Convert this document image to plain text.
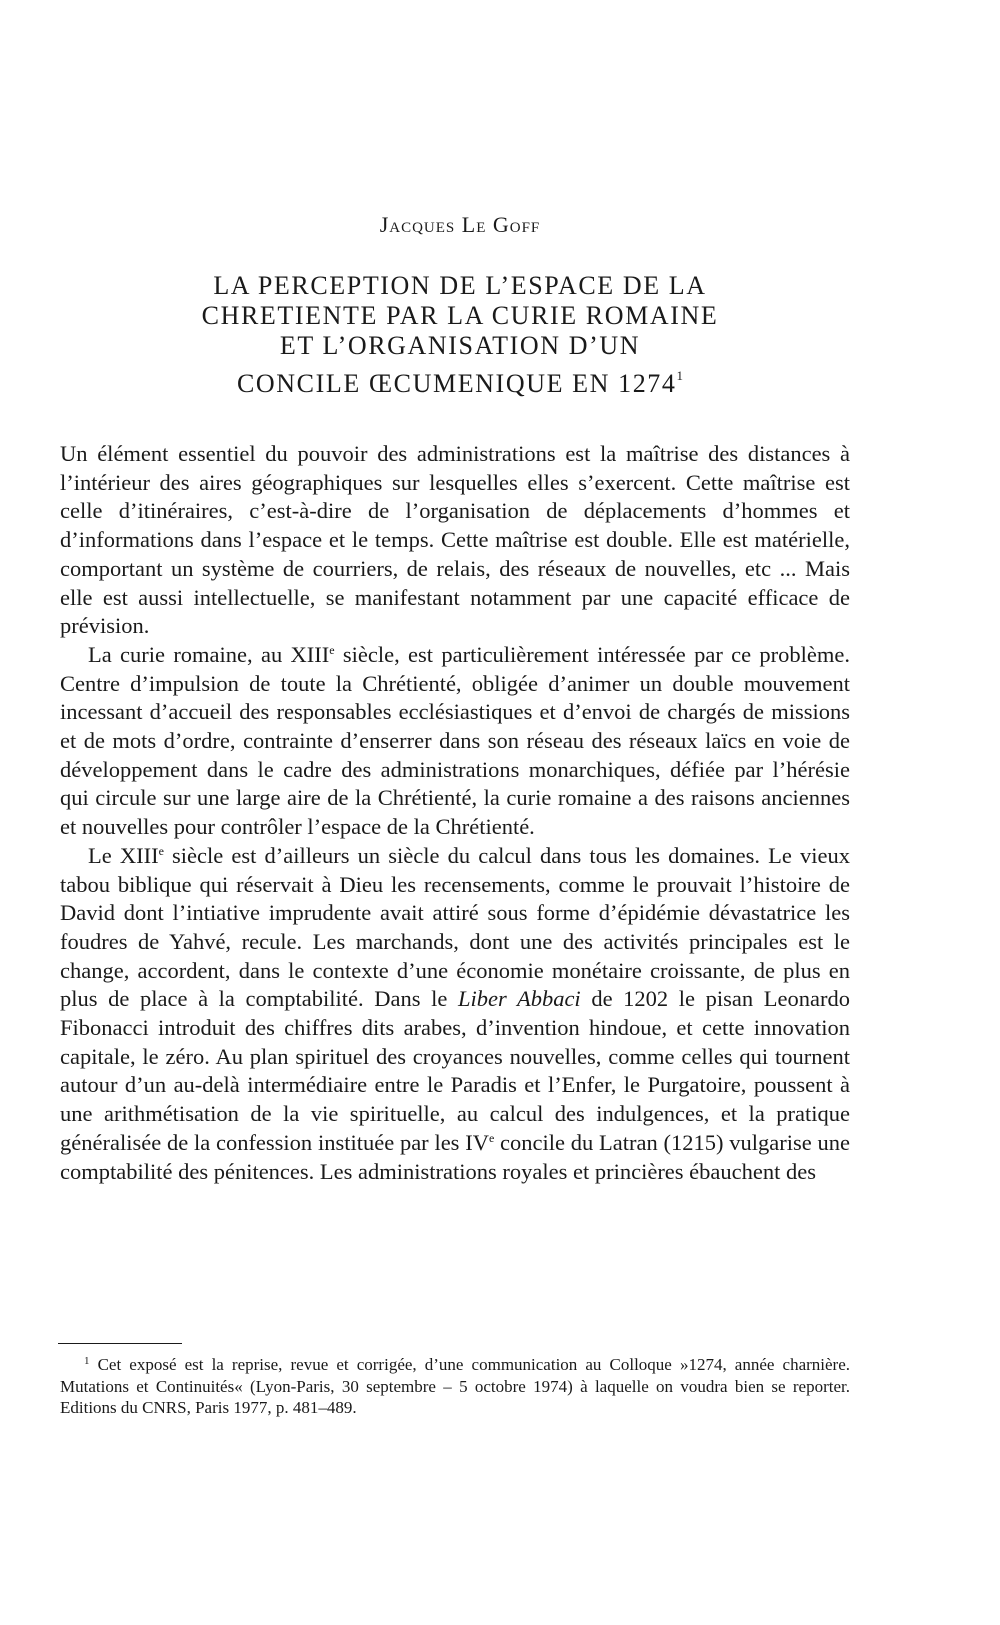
Jacques Le Goff
LA PERCEPTION DE L’ESPACE DE LA
CHRETIENTE PAR LA CURIE ROMAINE
ET L’ORGANISATION D’UN
CONCILE ŒCUMENIQUE EN 1274$^1$

Un élément essentiel du pouvoir des administrations est la maîtrise des distances à l’intérieur des aires géographiques sur lesquelles elles s’exercent. Cette maîtrise est celle d’itinéraires, c’est-à-dire de l’organisation de déplacements d’hommes et d’informations dans l’espace et le temps. Cette maîtrise est double. Elle est matérielle, comportant un système de courriers, de relais, des réseaux de nouvelles, etc ... Mais elle est aussi intellectuelle, se manifestant notamment par une capacité efficace de prévision.

La curie romaine, au XIIIe siècle, est particulièrement intéressée par ce problème. Centre d’impulsion de toute la Chrétienté, obligée d’animer un double mouvement incessant d’accueil des responsables ecclésiastiques et d’envoi de chargés de missions et de mots d’ordre, contrainte d’enserrer dans son réseau des réseaux laïcs en voie de développement dans le cadre des administrations monarchiques, défiée par l’hérésie qui circule sur une large aire de la Chrétienté, la curie romaine a des raisons anciennes et nouvelles pour contrôler l’espace de la Chrétienté.

Le XIIIe siècle est d’ailleurs un siècle du calcul dans tous les domaines. Le vieux tabou biblique qui réservait à Dieu les recensements, comme le prouvait l’histoire de David dont l’intiative imprudente avait attiré sous forme d’épidémie dévastatrice les foudres de Yahvé, recule. Les marchands, dont une des activités principales est le change, accordent, dans le contexte d’une économie monétaire croissante, de plus en plus de place à la comptabilité. Dans le Liber Abbaci de 1202 le pisan Leonardo Fibonacci introduit des chiffres dits arabes, d’invention hindoue, et cette innovation capitale, le zéro. Au plan spirituel des croyances nouvelles, comme celles qui tournent autour d’un au-delà intermédiaire entre le Paradis et l’Enfer, le Purgatoire, poussent à une arithmétisation de la vie spirituelle, au calcul des indulgences, et la pratique généralisée de la confession instituée par les IVe concile du Latran (1215) vulgarise une comptabilité des pénitences. Les administrations royales et princières ébauchent des

$^1$ Cet exposé est la reprise, revue et corrigée, d’une communication au Colloque »1274, année charnière. Mutations et Continuités« (Lyon-Paris, 30 septembre – 5 octobre 1974) à laquelle on voudra bien se reporter. Editions du CNRS, Paris 1977, p. 481–489.
